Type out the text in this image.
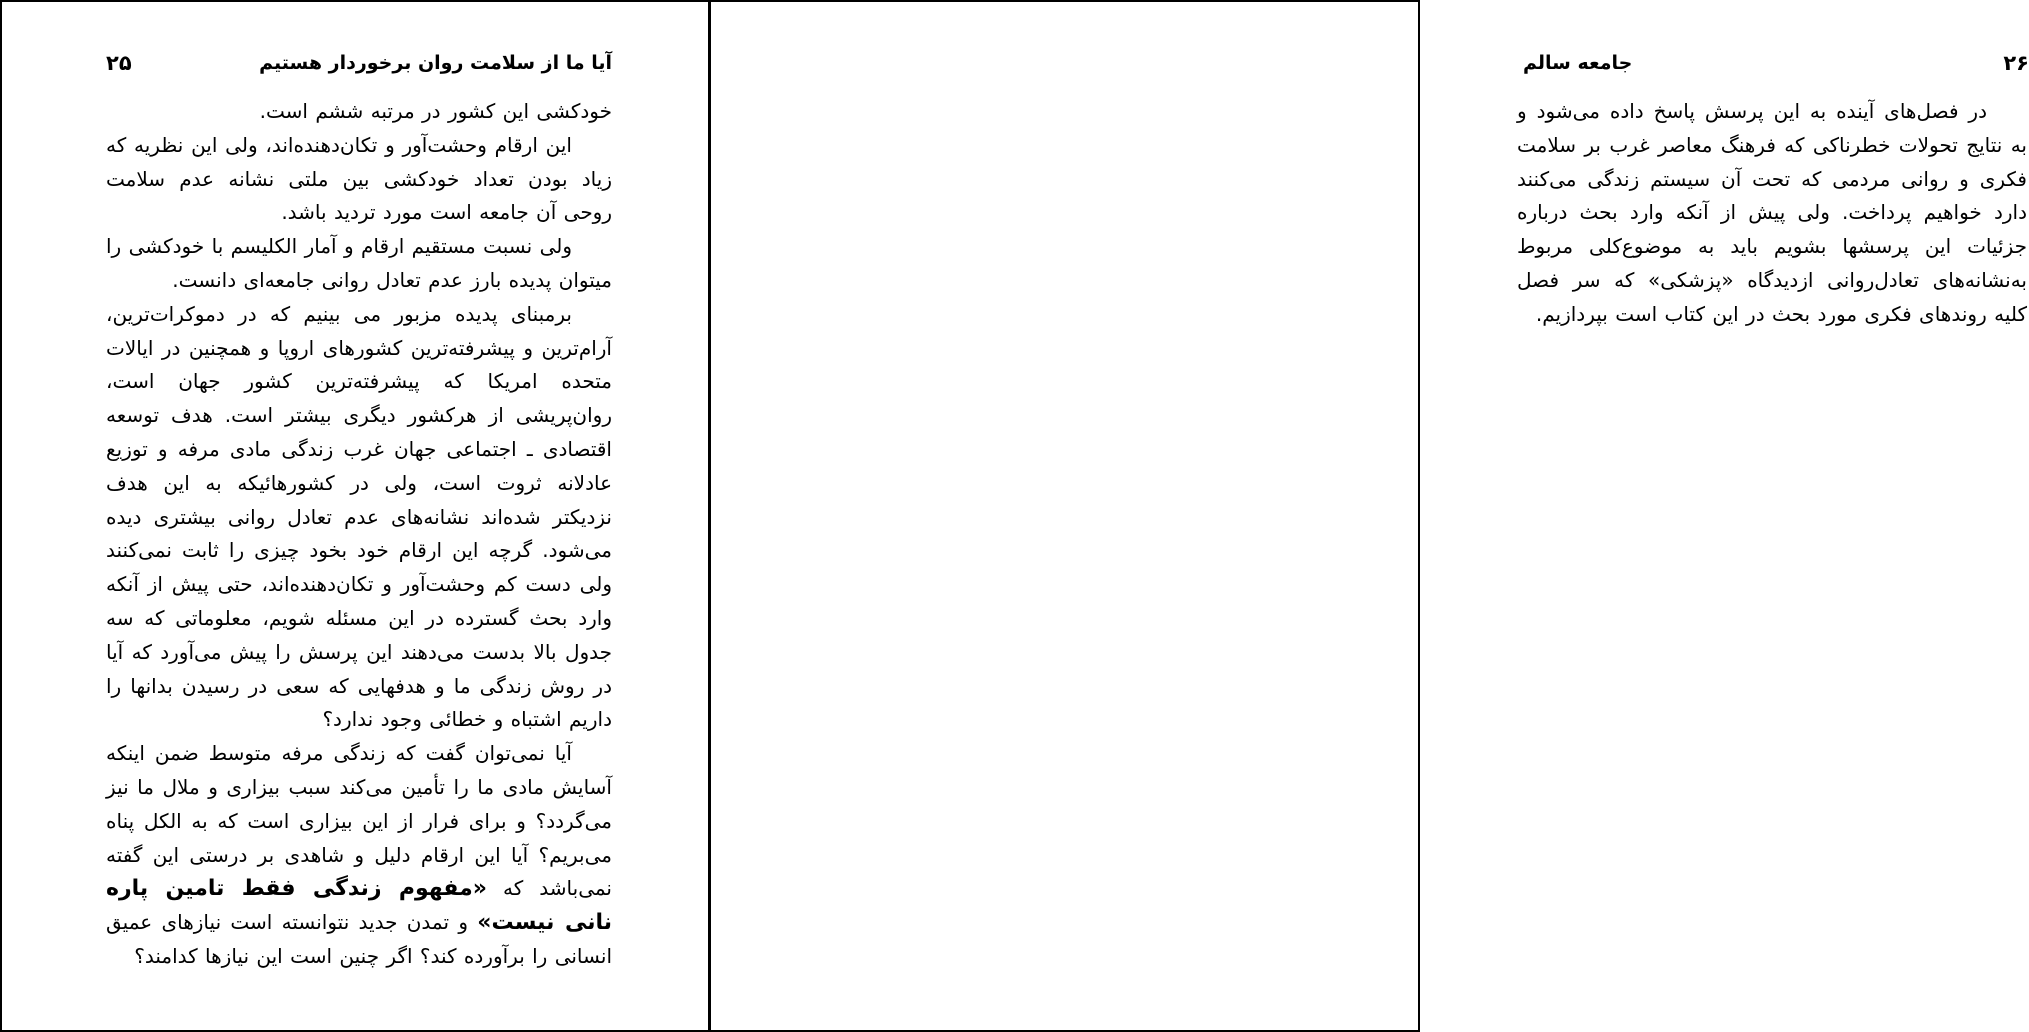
آیا ما از سلامت روان برخوردار هستیم
۲۵

خودکشی این کشور در مرتبه ششم است.

این ارقام وحشت‌آور و تکان‌دهنده‌اند، ولی این نظریه که زیاد بودن تعداد خودکشی بین ملتی نشانه عدم سلامت روحی آن جامعه است مورد تردید باشد.

ولی نسبت مستقیم ارقام و آمار الکلیسم با خودکشی را میتوان پدیده بارز عدم تعادل روانی جامعه‌ای دانست.

برمبنای پدیده مزبور می بینیم که در دموکرات‌ترین، آرام‌ترین و پیشرفته‌ترین کشورهای اروپا و همچنین در ایالات متحده امریکا که پیشرفته‌ترین کشور جهان است، روان‌پریشی از هرکشور دیگری بیشتر است. هدف توسعه اقتصادی ـ اجتماعی جهان غرب زندگی مادی مرفه و توزیع عادلانه ثروت است، ولی در کشورهائیکه به این هدف نزدیکتر شده‌اند نشانه‌های عدم تعادل روانی بیشتری دیده می‌شود. گرچه این ارقام خود بخود چیزی را ثابت نمی‌کنند ولی دست کم وحشت‌آور و تکان‌دهنده‌اند، حتی پیش از آنکه وارد بحث گسترده در این مسئله شویم، معلوماتی که سه جدول بالا بدست می‌دهند این پرسش را پیش می‌آورد که آیا در روش زندگی ما و هدفهایی که سعی در رسیدن بدانها را داریم اشتباه و خطائی وجود ندارد؟

آیا نمی‌توان گفت که زندگی مرفه متوسط ضمن اینکه آسایش مادی ما را تأمین می‌کند سبب بیزاری و ملال ما نیز می‌گردد؟ و برای فرار از این بیزاری است که به الکل پناه می‌بریم؟ آیا این ارقام دلیل و شاهدی بر درستی این گفته نمی‌باشد که «مفهوم زندگی فقط تامین پاره نانی نیست» و تمدن جدید نتوانسته است نیازهای عمیق انسانی را برآورده کند؟ اگر چنین است این نیازها کدامند؟

۲۶
جامعه سالم

در فصل‌های آینده به این پرسش پاسخ داده می‌شود و به نتایج تحولات خطرناکی که فرهنگ معاصر غرب بر سلامت فکری و روانی مردمی که تحت آن سیستم زندگی می‌کنند دارد خواهیم پرداخت. ولی پیش از آنکه وارد بحث درباره جزئیات این پرسشها بشویم باید به موضوع‌کلی مربوط به‌نشانه‌های تعادل‌روانی ازدیدگاه «پزشکی» که سر فصل کلیه روندهای فکری مورد بحث در این کتاب است بپردازیم.
